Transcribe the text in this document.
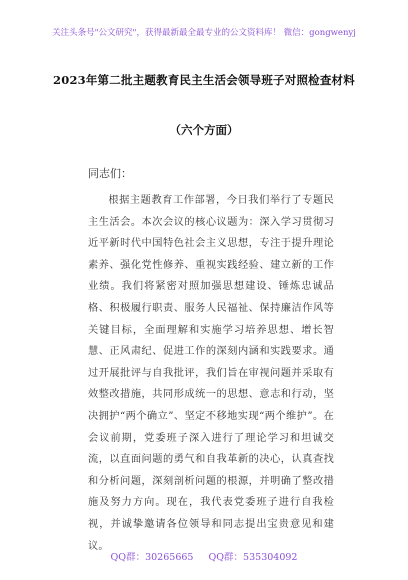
关注头条号"公文研究"，获得最新最全最专业的公文资料库！ 微信：gongwenyj
2023年第二批主题教育民主生活会领导班子对照检查材料
（六个方面）
同志们：

根据主题教育工作部署，今日我们举行了专题民主生活会。本次会议的核心议题为：深入学习贯彻习近平新时代中国特色社会主义思想，专注于提升理论素养、强化党性修养、重视实践经验、建立新的工作业绩。我们将紧密对照加强思想建设、锤炼忠诚品格、积极履行职责、服务人民福祉、保持廉洁作风等关键目标，全面理解和实施学习培养思想、增长智慧、正风肃纪、促进工作的深刻内涵和实践要求。通过开展批评与自我批评，我们旨在审视问题并采取有效整改措施，共同形成统一的思想、意志和行动，坚决拥护“两个确立”、坚定不移地实现“两个维护”。在会议前期，党委班子深入进行了理论学习和坦诚交流，以直面问题的勇气和自我革新的决心，认真查找和分析问题，深刻剖析问题的根源，并明确了整改措施及努力方向。现在，我代表党委班子进行自我检视，并诚挚邀请各位领导和同志提出宝贵意见和建议。

QQ群：30265665 QQ群：535304092
